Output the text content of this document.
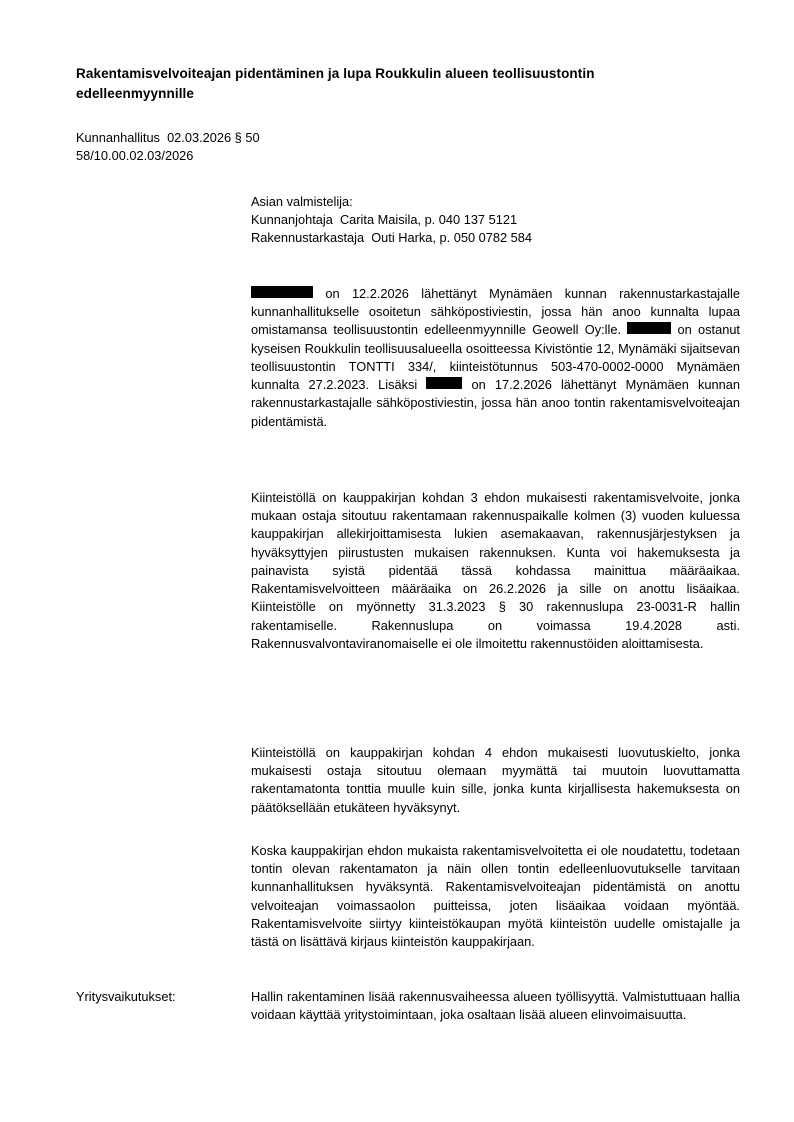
Rakentamisvelvoiteajan pidentäminen ja lupa Roukkulin alueen teollisuustontin edelleenmyynnille
Kunnanhallitus  02.03.2026 § 50
58/10.00.02.03/2026
Asian valmistelija:
Kunnanjohtaja  Carita Maisila, p. 040 137 5121
Rakennustarkastaja  Outi Harka, p. 050 0782 584

on 12.2.2026 lähettänyt Mynämäen kunnan rakennustarkastajalle kunnanhallitukselle osoitetun sähköpostiviestin, jossa hän anoo kunnalta lupaa omistamansa teollisuustontin edelleenmyynnille Geowell Oy:lle.	on ostanut kyseisen Roukkulin teollisuusalueella osoitteessa Kivistöntie 12, Mynämäki sijaitsevan teollisuustontin TONTTI 334/, kiinteistötunnus 503-470-0002-0000 Mynämäen kunnalta 27.2.2023. Lisäksi	on 17.2.2026 lähettänyt Mynämäen kunnan rakennustarkastajalle sähköpostiviestin, jossa hän anoo tontin rakentamisvelvoiteajan pidentämistä.

Kiinteistöllä on kauppakirjan kohdan 3 ehdon mukaisesti rakentamisvelvoite, jonka mukaan ostaja sitoutuu rakentamaan rakennuspaikalle kolmen (3) vuoden kuluessa kauppakirjan allekirjoittamisesta lukien asemakaavan, rakennusjärjestyksen ja hyväksyttyjen piirustusten mukaisen rakennuksen. Kunta voi hakemuksesta ja painavista syistä pidentää tässä kohdassa mainittua määräaikaa. Rakentamisvelvoitteen määräaika on 26.2.2026 ja sille on anottu lisäaikaa. Kiinteistölle on myönnetty 31.3.2023 § 30 rakennuslupa 23-0031-R hallin rakentamiselle. Rakennuslupa on voimassa 19.4.2028 asti. Rakennusvalvontaviranomaiselle ei ole ilmoitettu rakennustöiden aloittamisesta.

Kiinteistöllä on kauppakirjan kohdan 4 ehdon mukaisesti luovutuskielto, jonka mukaisesti ostaja sitoutuu olemaan myymättä tai muutoin luovuttamatta rakentamatonta tonttia muulle kuin sille, jonka kunta kirjallisesta hakemuksesta on päätöksellään etukäteen hyväksynyt.

Koska kauppakirjan ehdon mukaista rakentamisvelvoitetta ei ole noudatettu, todetaan tontin olevan rakentamaton ja näin ollen tontin edelleenluovutukselle tarvitaan kunnanhallituksen hyväksyntä. Rakentamisvelvoiteajan pidentämistä on anottu velvoiteajan voimassaolon puitteissa, joten lisäaikaa voidaan myöntää. Rakentamisvelvoite siirtyy kiinteistökaupan myötä kiinteistön uudelle omistajalle ja tästä on lisättävä kirjaus kiinteistön kauppakirjaan.

Yritysvaikutukset:	Hallin rakentaminen lisää rakennusvaiheessa alueen työllisyyttä. Valmistuttuaan hallia voidaan käyttää yritystoimintaan, joka osaltaan lisää alueen elinvoimaisuutta.
